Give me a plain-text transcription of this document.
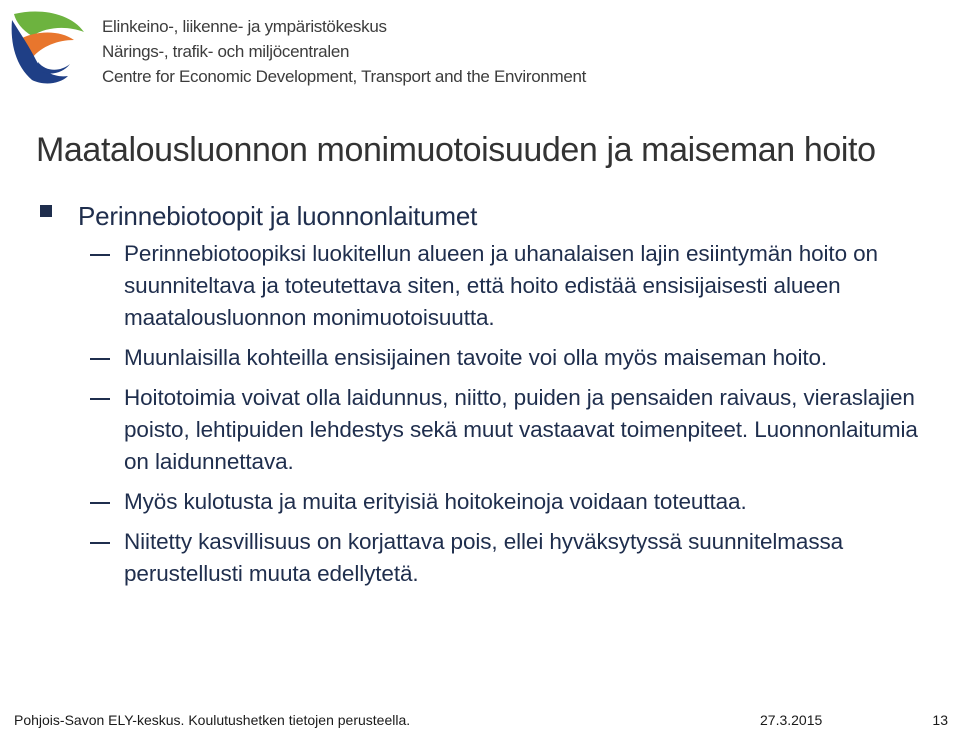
Elinkeino-, liikenne- ja ympäristökeskus
Närings-, trafik- och miljöcentralen
Centre for Economic Development, Transport and the Environment
Maatalousluonnon monimuotoisuuden ja maiseman hoito
Perinnebiotoopit ja luonnonlaitumet
Perinnebiotoopiksi luokitellun alueen ja uhanalaisen lajin esiintymän hoito on suunniteltava ja toteutettava siten, että hoito edistää ensisijaisesti alueen maatalousluonnon monimuotoisuutta.
Muunlaisilla kohteilla ensisijainen tavoite voi olla myös maiseman hoito.
Hoitotoimia voivat olla laidunnus, niitto, puiden ja pensaiden raivaus, vieraslajien poisto, lehtipuiden lehdestys sekä muut vastaavat toimenpiteet. Luonnonlaitumia on laidunnettava.
Myös kulotusta ja muita erityisiä hoitokeinoja voidaan toteuttaa.
Niitetty kasvillisuus on korjattava pois, ellei hyväksytyssä suunnitelmassa perustellusti muuta edellytetä.
Pohjois-Savon ELY-keskus. Koulutushetken tietojen perusteella.	27.3.2015	13
